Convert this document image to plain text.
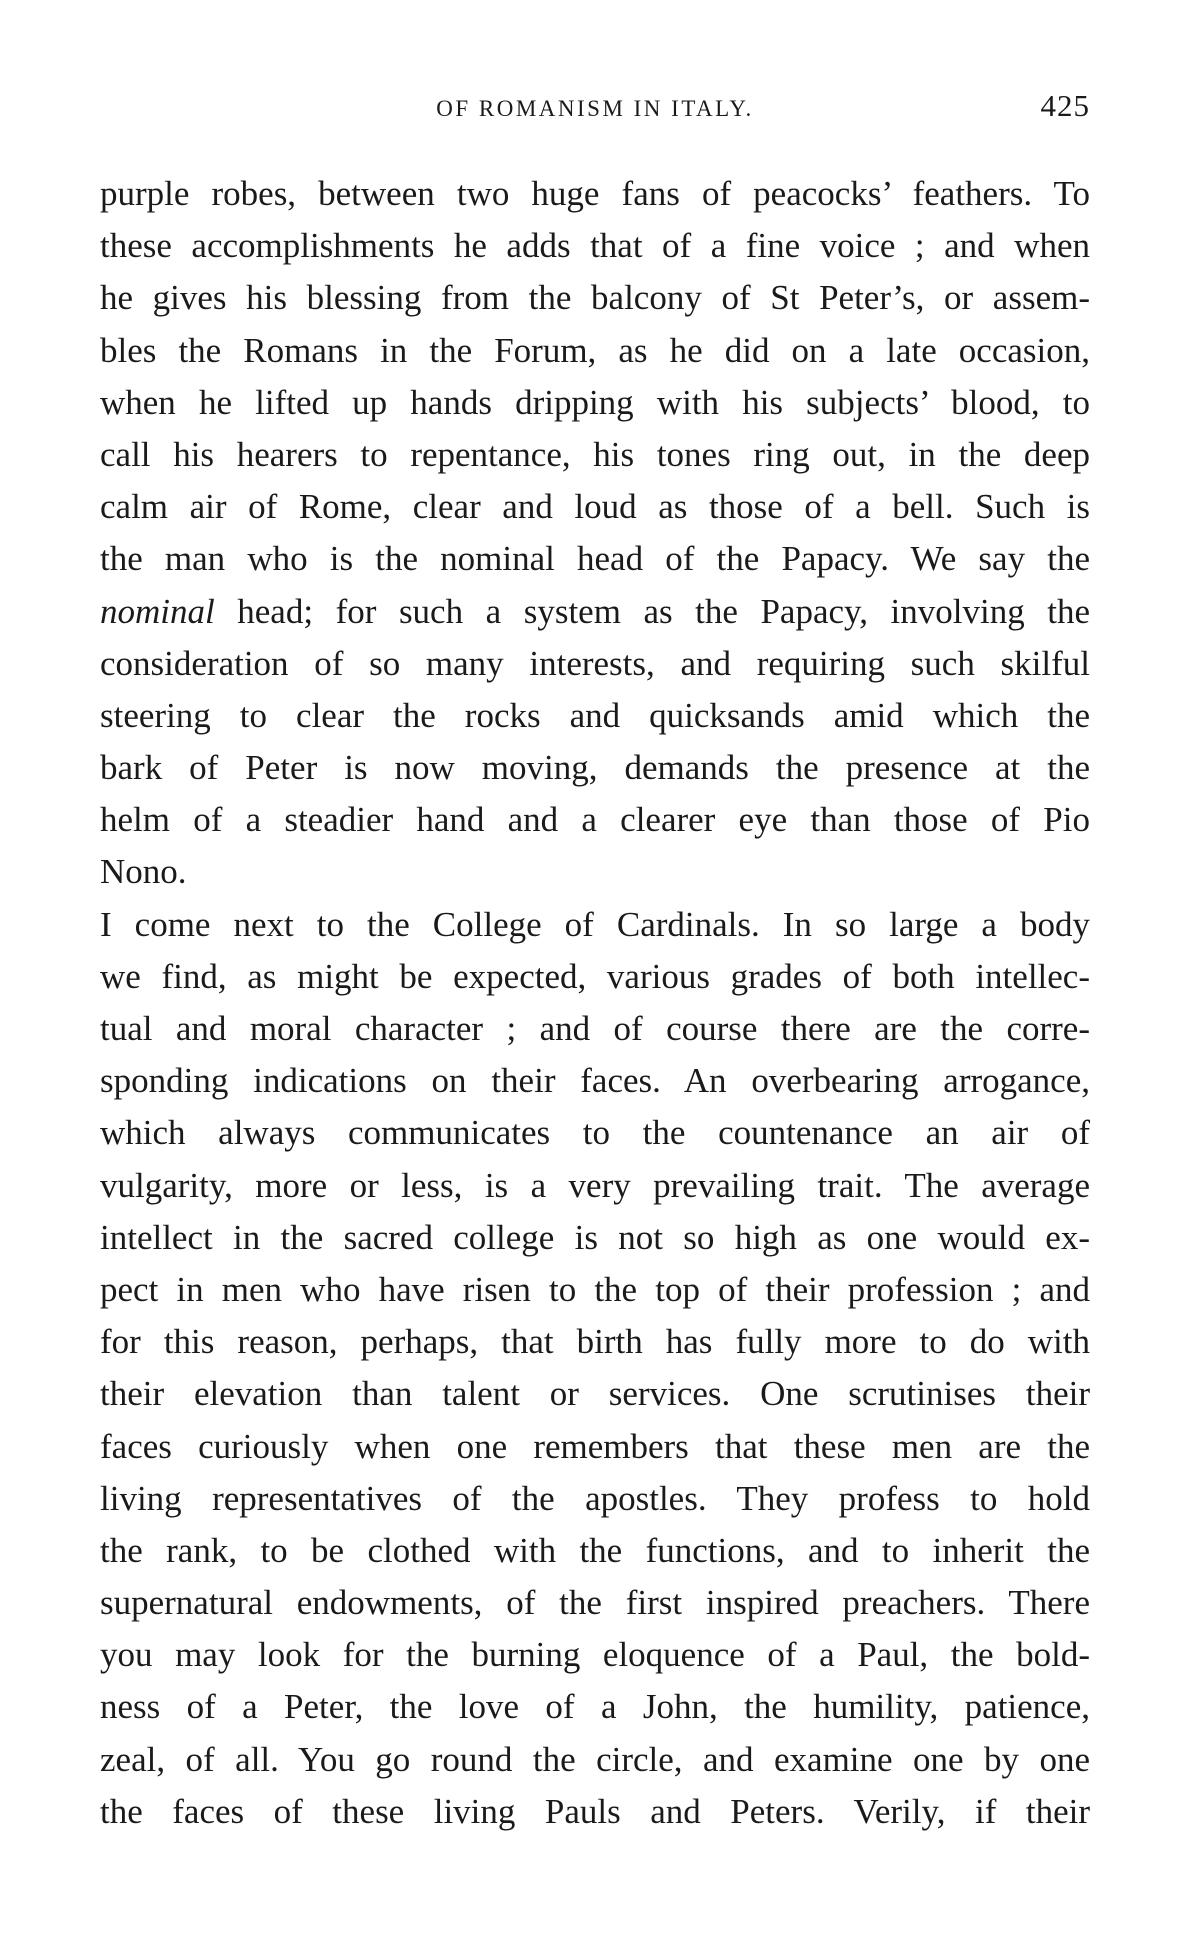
OF ROMANISM IN ITALY.	425

purple robes, between two huge fans of peacocks’ feathers. To
these accomplishments he adds that of a fine voice ; and when
he gives his blessing from the balcony of St Peter’s, or assem-
bles the Romans in the Forum, as he did on a late occasion,
when he lifted up hands dripping with his subjects’ blood, to
call his hearers to repentance, his tones ring out, in the deep
calm air of Rome, clear and loud as those of a bell. Such is
the man who is the nominal head of the Papacy. We say the
nominal head; for such a system as the Papacy, involving the
consideration of so many interests, and requiring such skilful
steering to clear the rocks and quicksands amid which the
bark of Peter is now moving, demands the presence at the
helm of a steadier hand and a clearer eye than those of Pio
Nono.

I come next to the College of Cardinals. In so large a body
we find, as might be expected, various grades of both intellec-
tual and moral character ; and of course there are the corre-
sponding indications on their faces. An overbearing arrogance,
which always communicates to the countenance an air of
vulgarity, more or less, is a very prevailing trait. The average
intellect in the sacred college is not so high as one would ex-
pect in men who have risen to the top of their profession ; and
for this reason, perhaps, that birth has fully more to do with
their elevation than talent or services. One scrutinises their
faces curiously when one remembers that these men are the
living representatives of the apostles. They profess to hold
the rank, to be clothed with the functions, and to inherit the
supernatural endowments, of the first inspired preachers. There
you may look for the burning eloquence of a Paul, the bold-
ness of a Peter, the love of a John, the humility, patience,
zeal, of all. You go round the circle, and examine one by one
the faces of these living Pauls and Peters. Verily, if their
